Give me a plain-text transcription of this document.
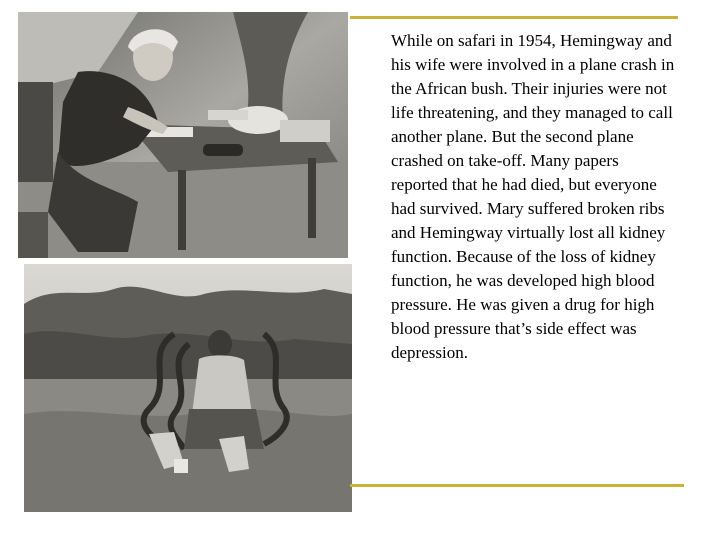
While on safari in 1954, Hemingway and his wife were involved in a plane crash in the African bush. Their injuries were not life threatening, and they managed to call another plane. But the second plane crashed on take-off. Many papers reported that he had died, but everyone had survived. Mary suffered broken ribs and Hemingway virtually lost all kidney function. Because of the loss of kidney function, he was developed high blood pressure. He was given a drug for high blood pressure that’s side effect was depression.
